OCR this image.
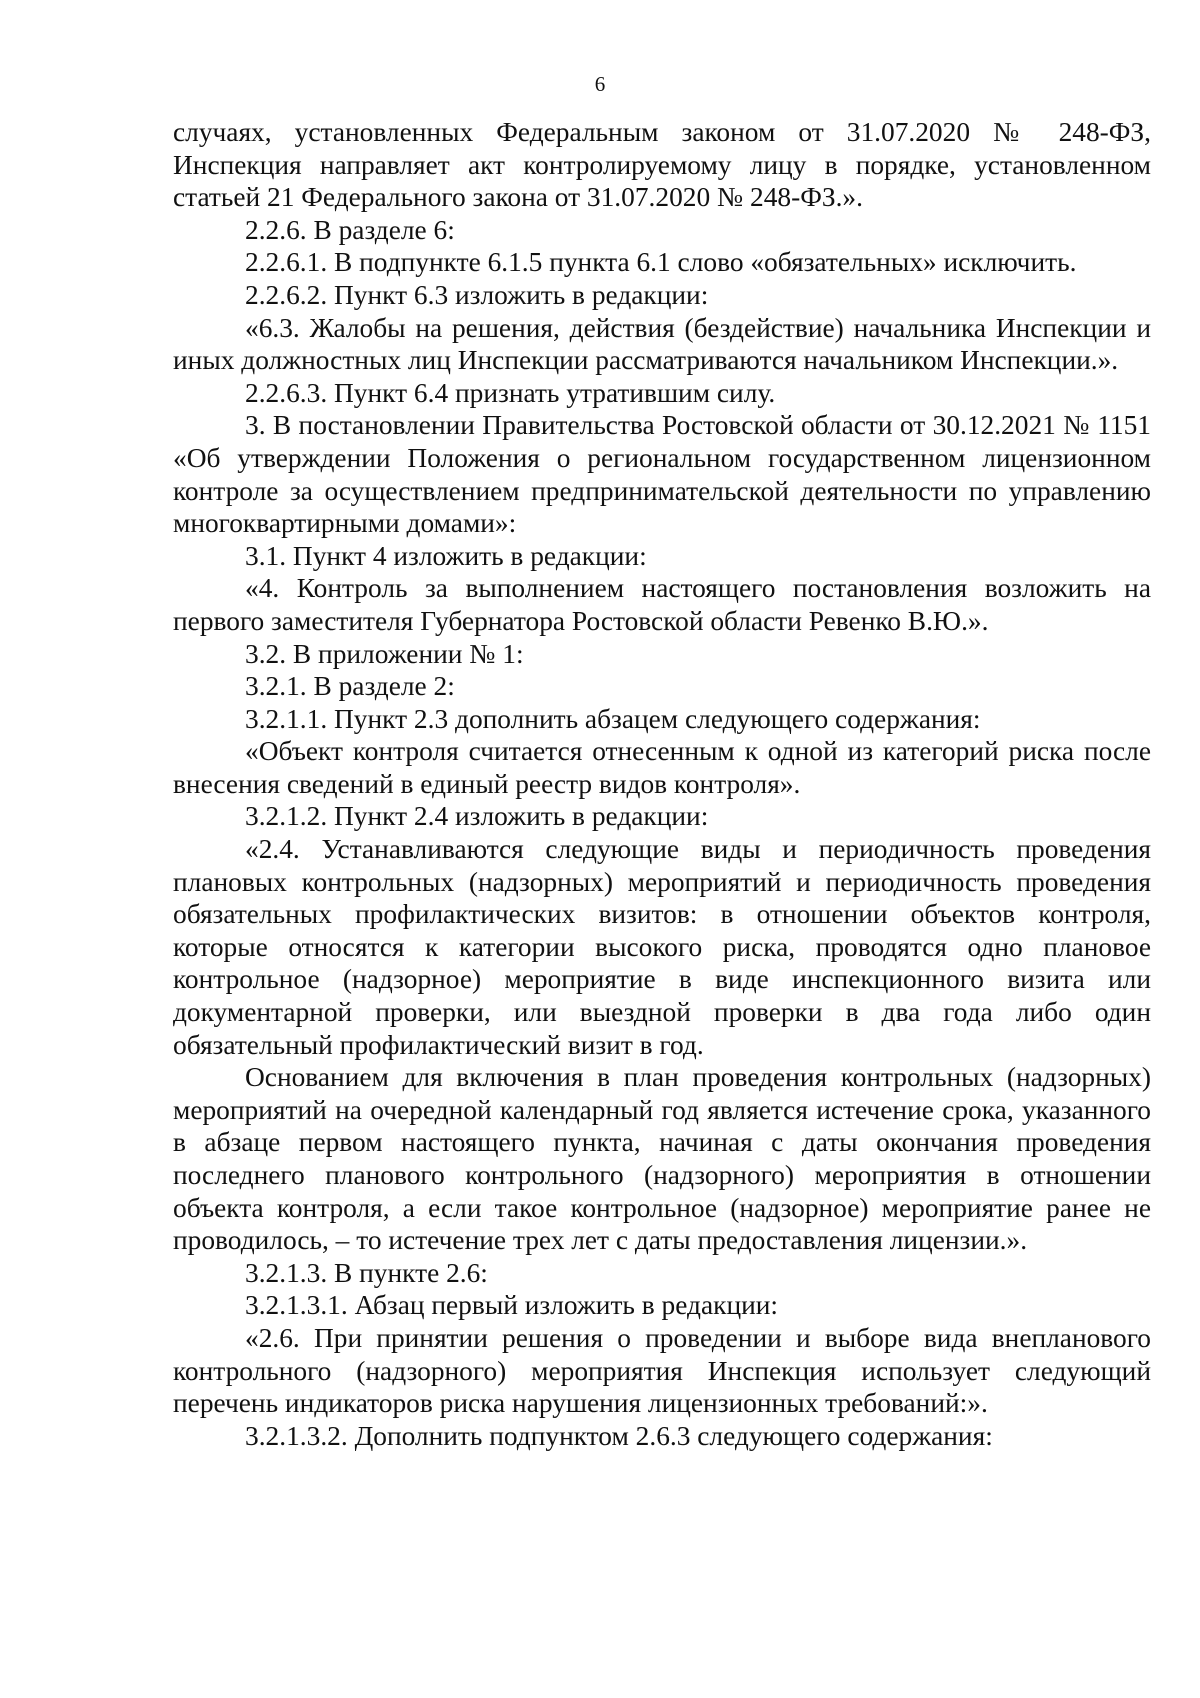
6

случаях, установленных Федеральным законом от 31.07.2020 № 248-ФЗ, Инспекция направляет акт контролируемому лицу в порядке, установленном статьей 21 Федерального закона от 31.07.2020 № 248-ФЗ.».

2.2.6. В разделе 6:

2.2.6.1. В подпункте 6.1.5 пункта 6.1 слово «обязательных» исключить.

2.2.6.2. Пункт 6.3 изложить в редакции:

«6.3. Жалобы на решения, действия (бездействие) начальника Инспекции и иных должностных лиц Инспекции рассматриваются начальником Инспекции.».

2.2.6.3. Пункт 6.4 признать утратившим силу.

3. В постановлении Правительства Ростовской области от 30.12.2021 № 1151 «Об утверждении Положения о региональном государственном лицензионном контроле за осуществлением предпринимательской деятельности по управлению многоквартирными домами»:

3.1. Пункт 4 изложить в редакции:

«4. Контроль за выполнением настоящего постановления возложить на первого заместителя Губернатора Ростовской области Ревенко В.Ю.».

3.2. В приложении № 1:

3.2.1. В разделе 2:

3.2.1.1. Пункт 2.3 дополнить абзацем следующего содержания:

«Объект контроля считается отнесенным к одной из категорий риска после внесения сведений в единый реестр видов контроля».

3.2.1.2. Пункт 2.4 изложить в редакции:

«2.4. Устанавливаются следующие виды и периодичность проведения плановых контрольных (надзорных) мероприятий и периодичность проведения обязательных профилактических визитов: в отношении объектов контроля, которые относятся к категории высокого риска, проводятся одно плановое контрольное (надзорное) мероприятие в виде инспекционного визита или документарной проверки, или выездной проверки в два года либо один обязательный профилактический визит в год.

Основанием для включения в план проведения контрольных (надзорных) мероприятий на очередной календарный год является истечение срока, указанного в абзаце первом настоящего пункта, начиная с даты окончания проведения последнего планового контрольного (надзорного) мероприятия в отношении объекта контроля, а если такое контрольное (надзорное) мероприятие ранее не проводилось, – то истечение трех лет с даты предоставления лицензии.».

3.2.1.3. В пункте 2.6:

3.2.1.3.1. Абзац первый изложить в редакции:

«2.6. При принятии решения о проведении и выборе вида внепланового контрольного (надзорного) мероприятия Инспекция использует следующий перечень индикаторов риска нарушения лицензионных требований:».

3.2.1.3.2. Дополнить подпунктом 2.6.3 следующего содержания:
